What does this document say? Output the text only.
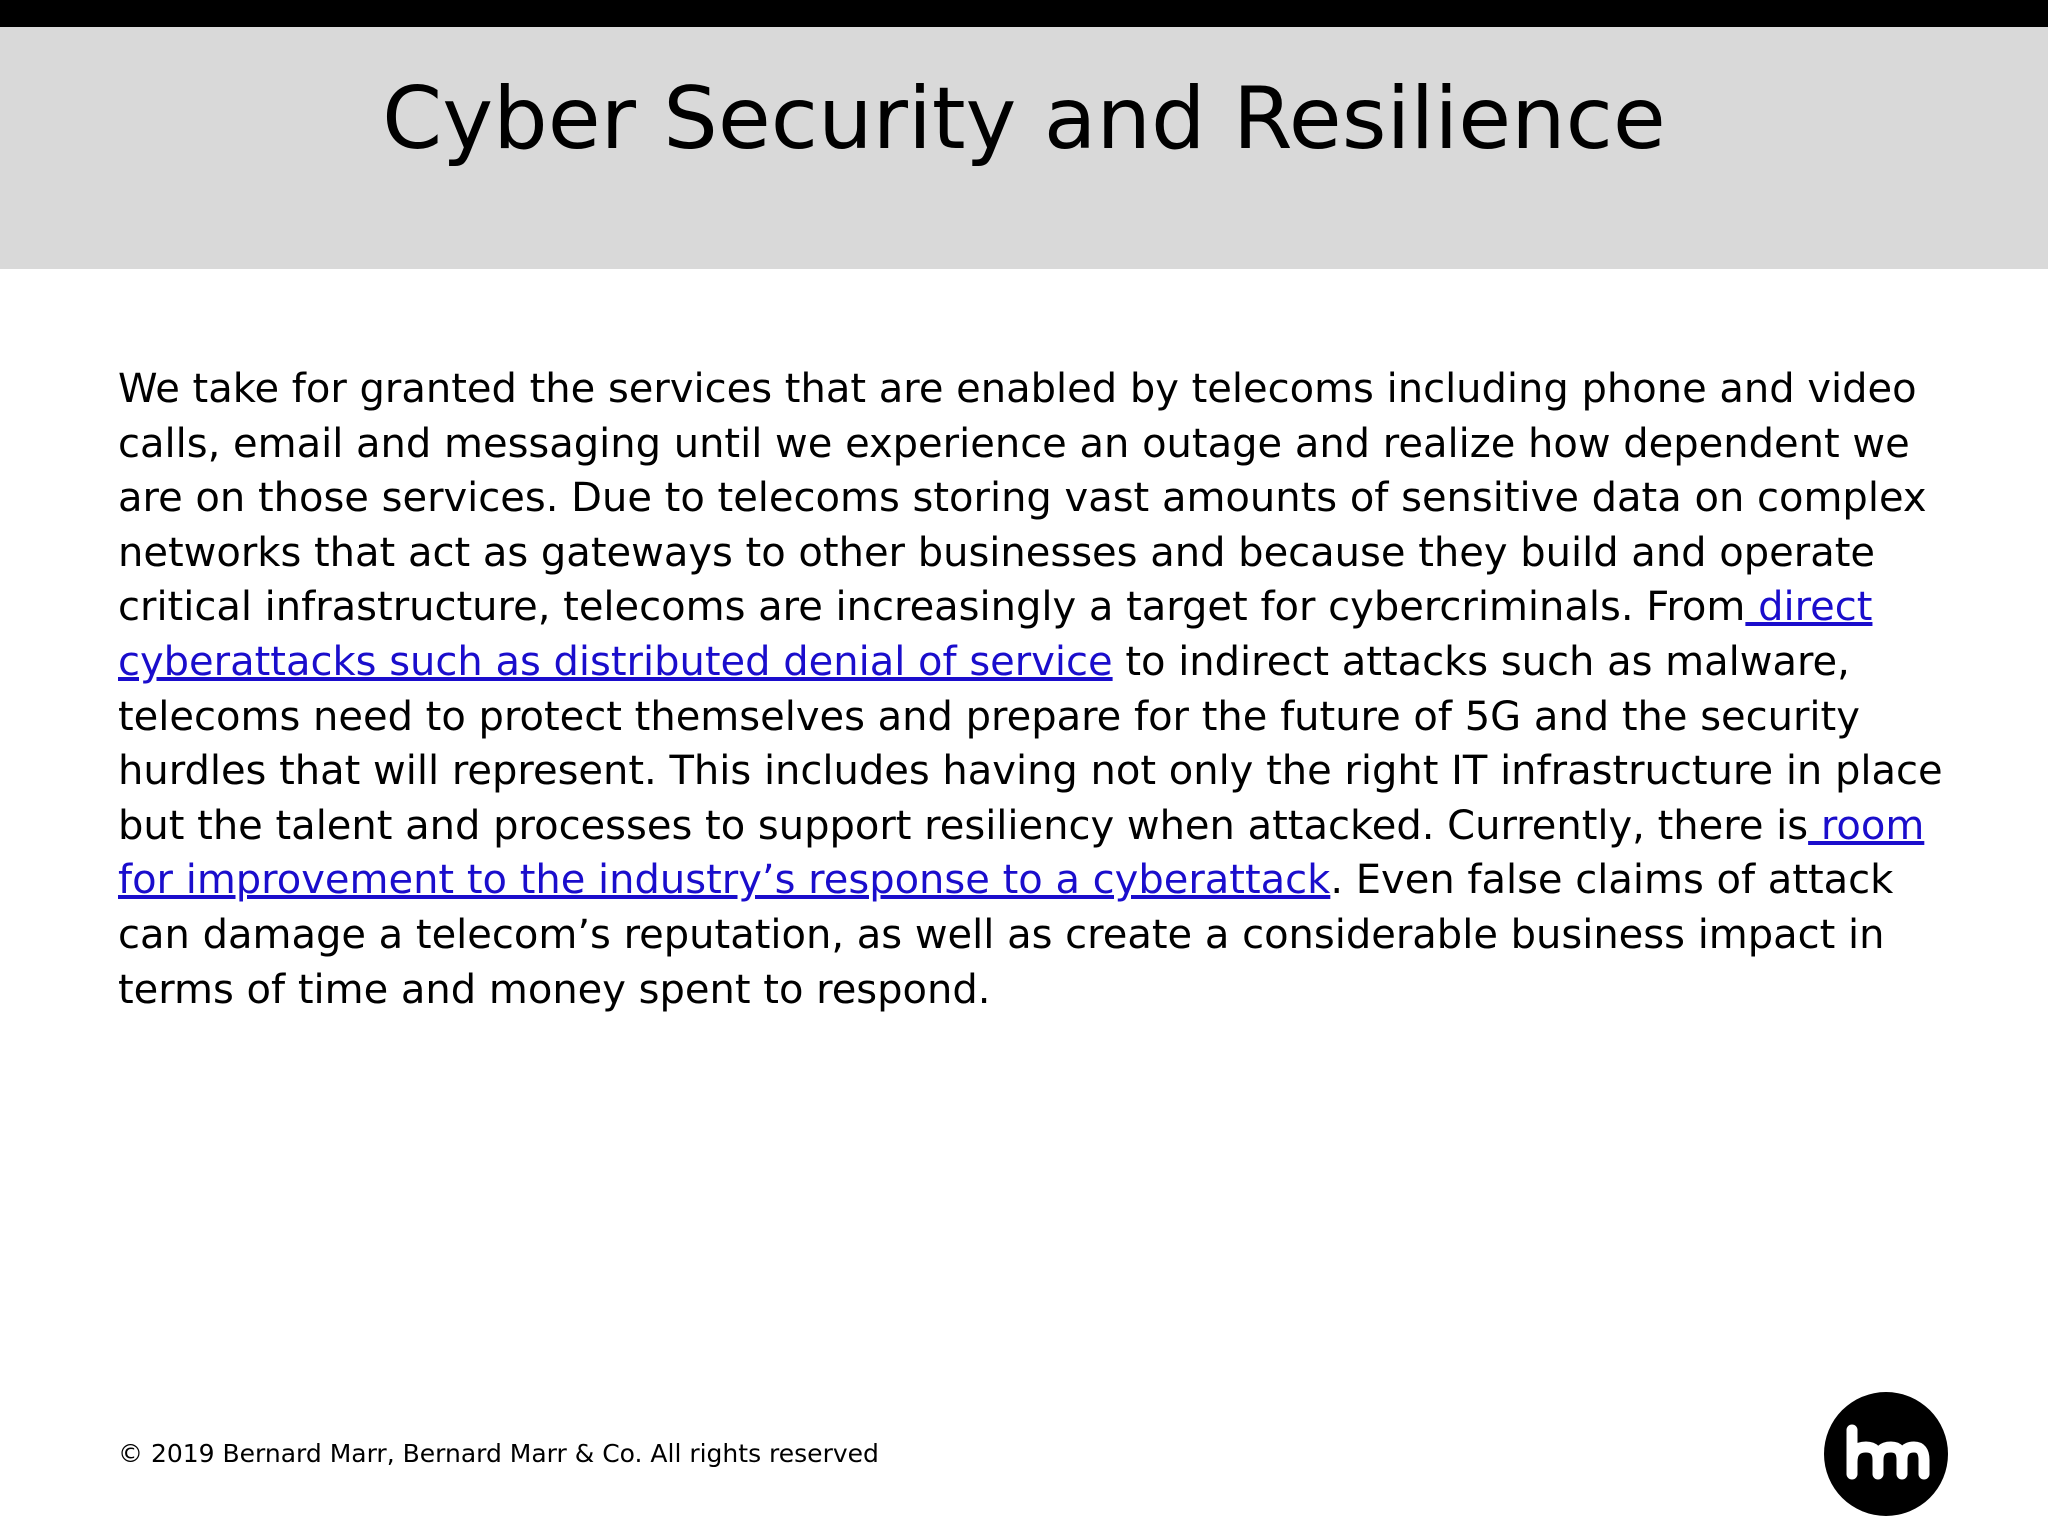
Cyber Security and Resilience

We take for granted the services that are enabled by telecoms including phone and video calls, email and messaging until we experience an outage and realize how dependent we are on those services. Due to telecoms storing vast amounts of sensitive data on complex networks that act as gateways to other businesses and because they build and operate critical infrastructure, telecoms are increasingly a target for cybercriminals. From direct cyberattacks such as distributed denial of service to indirect attacks such as malware, telecoms need to protect themselves and prepare for the future of 5G and the security hurdles that will represent. This includes having not only the right IT infrastructure in place but the talent and processes to support resiliency when attacked. Currently, there is room for improvement to the industry’s response to a cyberattack. Even false claims of attack can damage a telecom’s reputation, as well as create a considerable business impact in terms of time and money spent to respond.

© 2019 Bernard Marr, Bernard Marr & Co. All rights reserved
